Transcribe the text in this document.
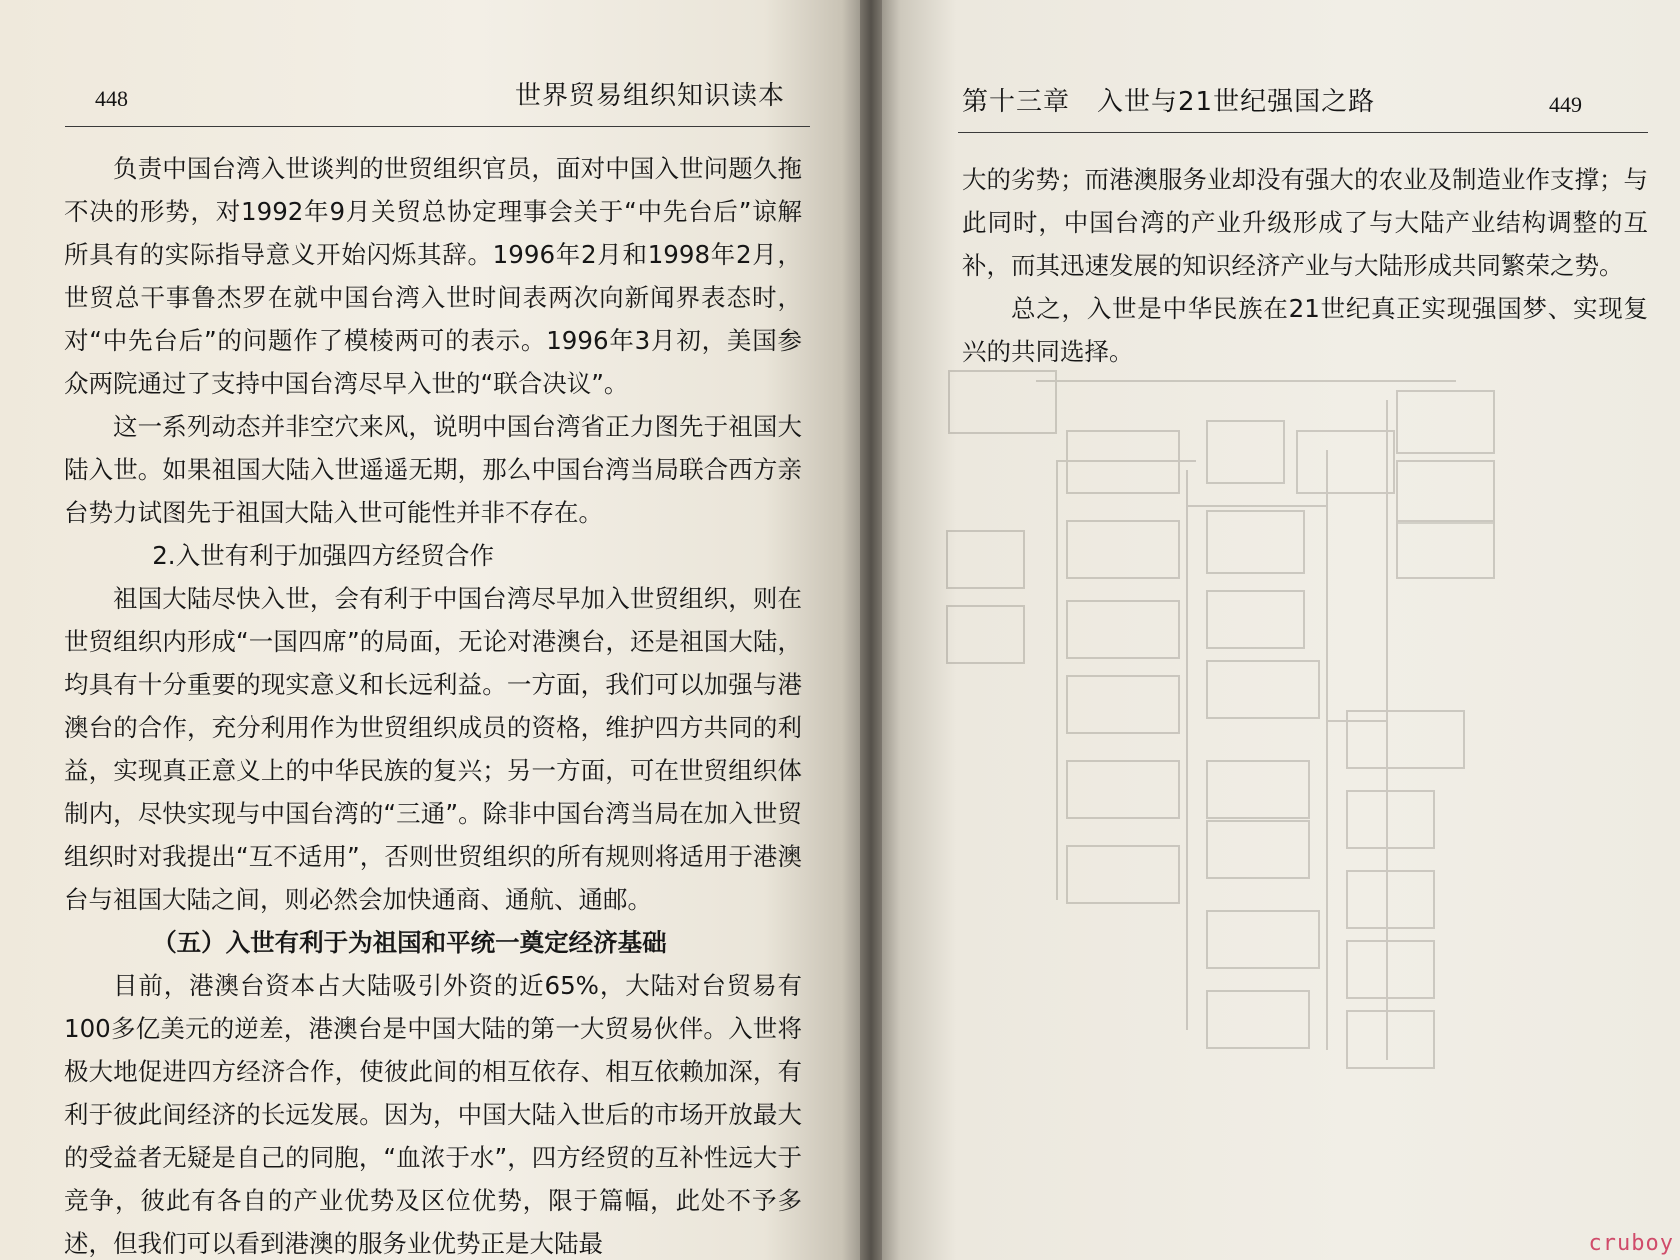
448	世界贸易组织知识读本

负责中国台湾入世谈判的世贸组织官员，面对中国入世问题久拖不决的形势，对1992年9月关贸总协定理事会关于“中先台后”谅解所具有的实际指导意义开始闪烁其辞。1996年2月和1998年2月，世贸总干事鲁杰罗在就中国台湾入世时间表两次向新闻界表态时，对“中先台后”的问题作了模棱两可的表示。1996年3月初，美国参众两院通过了支持中国台湾尽早入世的“联合决议”。

这一系列动态并非空穴来风，说明中国台湾省正力图先于祖国大陆入世。如果祖国大陆入世遥遥无期，那么中国台湾当局联合西方亲台势力试图先于祖国大陆入世可能性并非不存在。

2.入世有利于加强四方经贸合作

祖国大陆尽快入世，会有利于中国台湾尽早加入世贸组织，则在世贸组织内形成“一国四席”的局面，无论对港澳台，还是祖国大陆，均具有十分重要的现实意义和长远利益。一方面，我们可以加强与港澳台的合作，充分利用作为世贸组织成员的资格，维护四方共同的利益，实现真正意义上的中华民族的复兴；另一方面，可在世贸组织体制内，尽快实现与中国台湾的“三通”。除非中国台湾当局在加入世贸组织时对我提出“互不适用”，否则世贸组织的所有规则将适用于港澳台与祖国大陆之间，则必然会加快通商、通航、通邮。

（五）入世有利于为祖国和平统一奠定经济基础

目前，港澳台资本占大陆吸引外资的近65%，大陆对台贸易有100多亿美元的逆差，港澳台是中国大陆的第一大贸易伙伴。入世将极大地促进四方经济合作，使彼此间的相互依存、相互依赖加深，有利于彼此间经济的长远发展。因为，中国大陆入世后的市场开放最大的受益者无疑是自己的同胞，“血浓于水”，四方经贸的互补性远大于竞争，彼此有各自的产业优势及区位优势，限于篇幅，此处不予多述，但我们可以看到港澳的服务业优势正是大陆最

第十三章　入世与21世纪强国之路	449

大的劣势；而港澳服务业却没有强大的农业及制造业作支撑；与此同时，中国台湾的产业升级形成了与大陆产业结构调整的互补，而其迅速发展的知识经济产业与大陆形成共同繁荣之势。

总之，入世是中华民族在21世纪真正实现强国梦、实现复兴的共同选择。

cruboy
